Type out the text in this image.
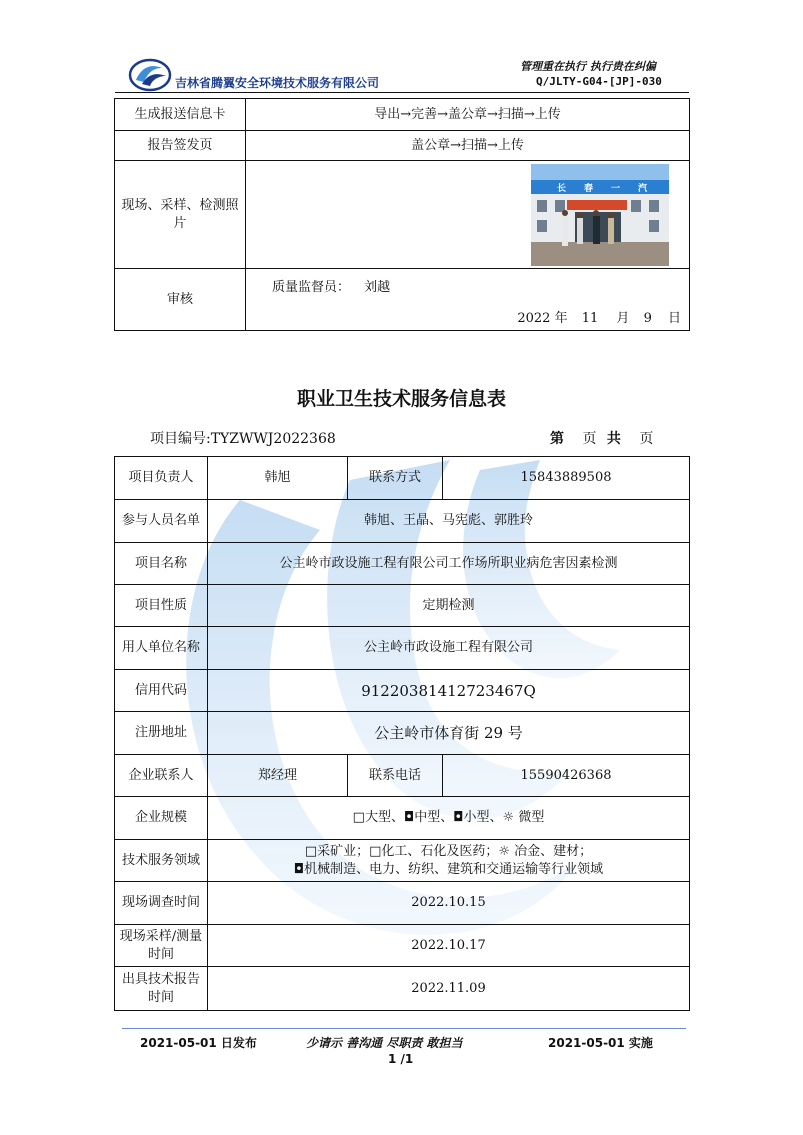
吉林省腾翼安全环境技术服务有限公司
管理重在执行 执行贵在纠偏
Q/JLTY-G04-[JP]-030
生成报送信息卡	导出→完善→盖公章→扫描→上传
报告签发页	盖公章→扫描→上传
现场、采样、检测照片	长春一汽

审核	质量监督员： 刘越
2022 年 11 月 9 日
职业卫生技术服务信息表
项目编号:TYZWWJ2022368	第 页 共 页
项目负责人	韩旭	联系方式	15843889508
参与人员名单	韩旭、王晶、马宪彪、郭胜玲		
项目名称	公主岭市政设施工程有限公司工作场所职业病危害因素检测		
项目性质	定期检测		
用人单位名称	公主岭市政设施工程有限公司		
信用代码	91220381412723467Q		
注册地址	公主岭市体育街 29 号		
企业联系人	郑经理	联系电话	15590426368
企业规模	□大型、◘中型、◘小型、☼ 微型		
技术服务领域	□采矿业；□化工、石化及医药；☼ 冶金、建材；
◘机械制造、电力、纺织、建筑和交通运输等行业领域		

现场调查时间	2022.10.15		
现场采样/测量时间	2022.10.17		
出具技术报告时间	2022.11.09		
2021-05-01 日发布	少请示 善沟通 尽职责 敢担当	2021-05-01 实施
1 /1
